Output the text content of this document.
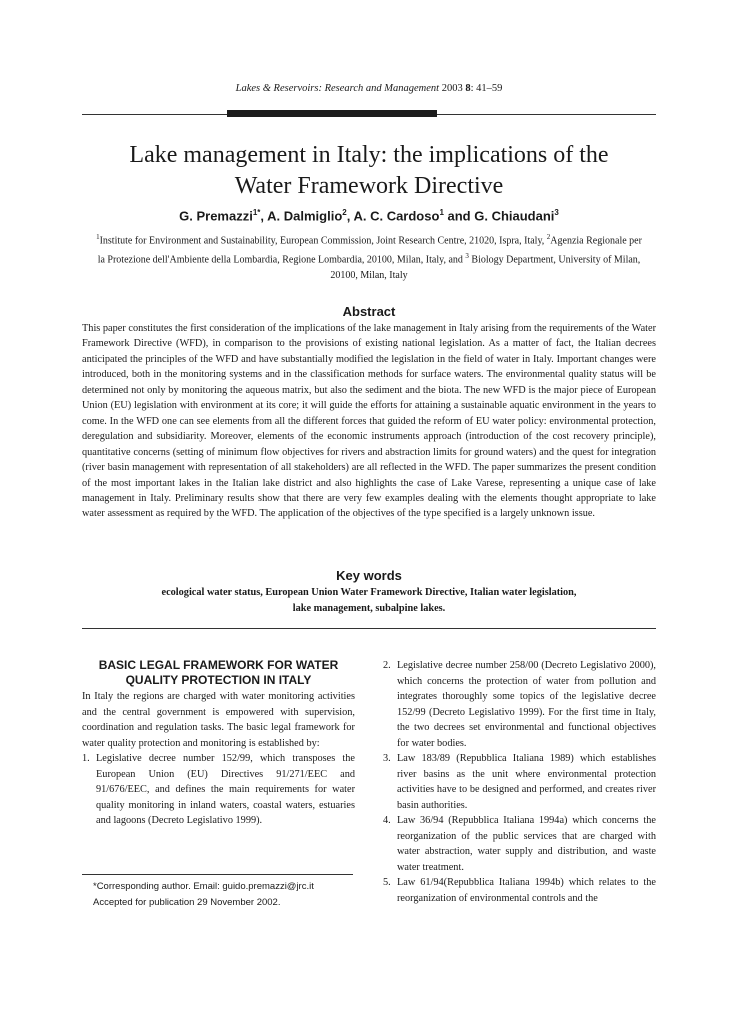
Lakes & Reservoirs: Research and Management 2003 8: 41–59
Lake management in Italy: the implications of the
Water Framework Directive
G. Premazzi$^{1*}$, A. Dalmiglio$^2$, A. C. Cardoso$^1$ and G. Chiaudani$^3$
$^1$Institute for Environment and Sustainability, European Commission, Joint Research Centre, 21020, Ispra, Italy, $^2$Agenzia Regionale per la Protezione dell'Ambiente della Lombardia, Regione Lombardia, 20100, Milan, Italy, and $^3$ Biology Department, University of Milan, 20100, Milan, Italy
Abstract

This paper constitutes the first consideration of the implications of the lake management in Italy arising from the requirements of the Water Framework Directive (WFD), in comparison to the provisions of existing national legislation. As a matter of fact, the Italian decrees anticipated the principles of the WFD and have substantially modified the legislation in the field of water in Italy. Important changes were introduced, both in the monitoring systems and in the classification methods for surface waters. The environmental quality status will be determined not only by monitoring the aqueous matrix, but also the sediment and the biota. The new WFD is the major piece of European Union (EU) legislation with environment at its core; it will guide the efforts for attaining a sustainable aquatic environment in the years to come. In the WFD one can see elements from all the different forces that guided the reform of EU water policy: environmental protection, deregulation and subsidiarity. Moreover, elements of the economic instruments approach (introduction of the cost recovery principle), quantitative concerns (setting of minimum flow objectives for rivers and abstraction limits for ground waters) and the quest for integration (river basin management with representation of all stakeholders) are all reflected in the WFD. The paper summarizes the present condition of the most important lakes in the Italian lake district and also highlights the case of Lake Varese, representing a unique case of lake management in Italy. Preliminary results show that there are very few examples dealing with the elements thought appropriate to lake water assessment as required by the WFD. The application of the objectives of the type specified is a largely unknown issue.

Key words
ecological water status, European Union Water Framework Directive, Italian water legislation,
lake management, subalpine lakes.
BASIC LEGAL FRAMEWORK FOR WATER
QUALITY PROTECTION IN ITALY

In Italy the regions are charged with water monitoring activities and the central government is empowered with supervision, coordination and regulation tasks. The basic legal framework for water quality protection and monitoring is established by:

1. Legislative decree number 152/99, which transposes the European Union (EU) Directives 91/271/EEC and 91/676/EEC, and defines the main requirements for water quality monitoring in inland waters, coastal waters, estuaries and lagoons (Decreto Legislativo 1999).
2. Legislative decree number 258/00 (Decreto Legislativo 2000), which concerns the protection of water from pollution and integrates thoroughly some topics of the legislative decree 152/99 (Decreto Legislativo 1999). For the first time in Italy, the two decrees set environmental and functional objectives for water bodies.
3. Law 183/89 (Repubblica Italiana 1989) which establishes river basins as the unit where environmental protection activities have to be designed and performed, and creates river basin authorities.
4. Law 36/94 (Repubblica Italiana 1994a) which concerns the reorganization of the public services that are charged with water abstraction, water supply and distribution, and waste water treatment.
5. Law 61/94(Repubblica Italiana 1994b) which relates to the reorganization of environmental controls and the
*Corresponding author. Email: guido.premazzi@jrc.it
Accepted for publication 29 November 2002.
